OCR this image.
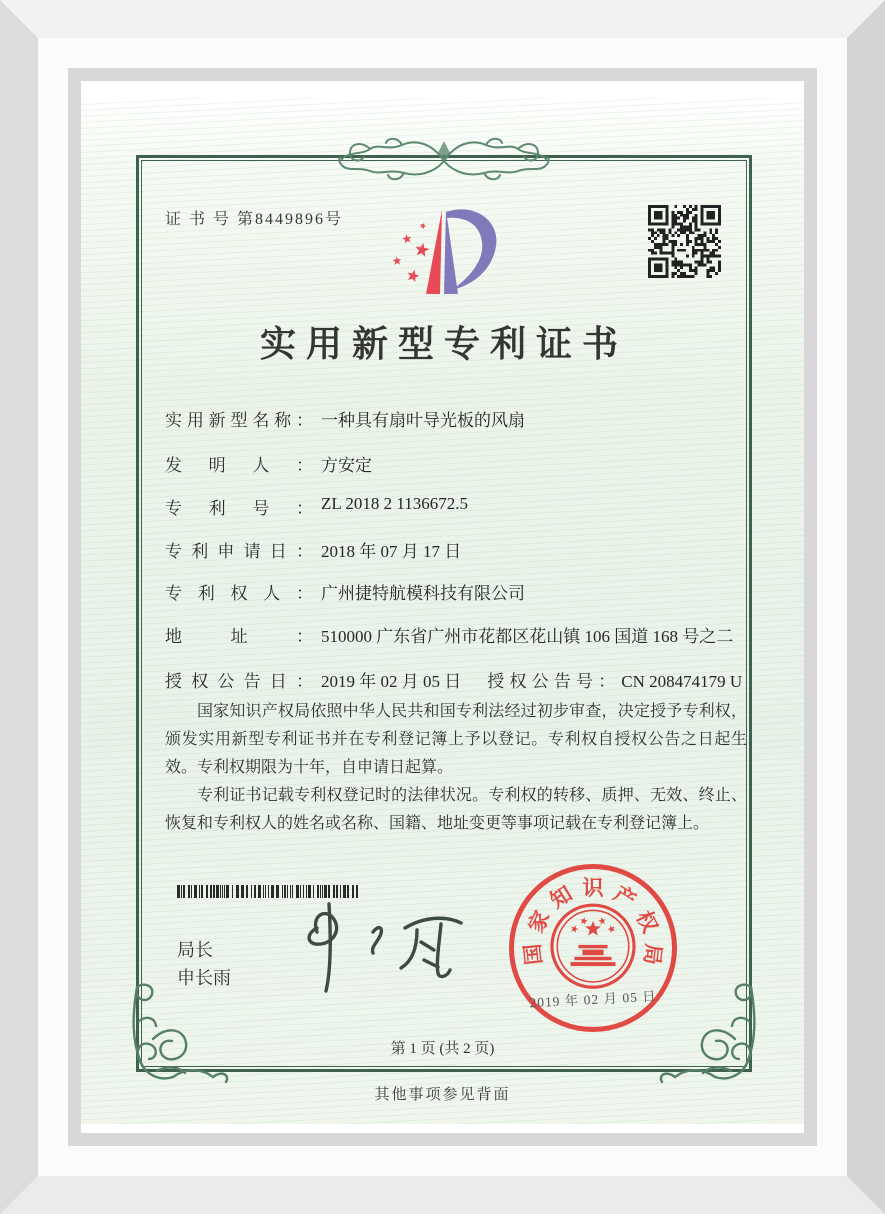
证 书 号 第8449896号
实用新型专利证书
实用新型名称： 一种具有扇叶导光板的风扇
发明人： 方安定
专利号： ZL 2018 2 1136672.5
专利申请日： 2018 年 07 月 17 日
专利权人： 广州捷特航模科技有限公司
地址： 510000 广东省广州市花都区花山镇 106 国道 168 号之二
授权公告日： 2019 年 02 月 05 日 授权公告号： CN 208474179 U

国家知识产权局依照中华人民共和国专利法经过初步审查，决定授予专利权，颁发实用新型专利证书并在专利登记簿上予以登记。专利权自授权公告之日起生效。专利权期限为十年，自申请日起算。

专利证书记载专利权登记时的法律状况。专利权的转移、质押、无效、终止、恢复和专利权人的姓名或名称、国籍、地址变更等事项记载在专利登记簿上。

局长
申长雨
国
家
知 识 产
权
局
2019 年 02 月 05 日
第 1 页 (共 2 页)
其他事项参见背面
